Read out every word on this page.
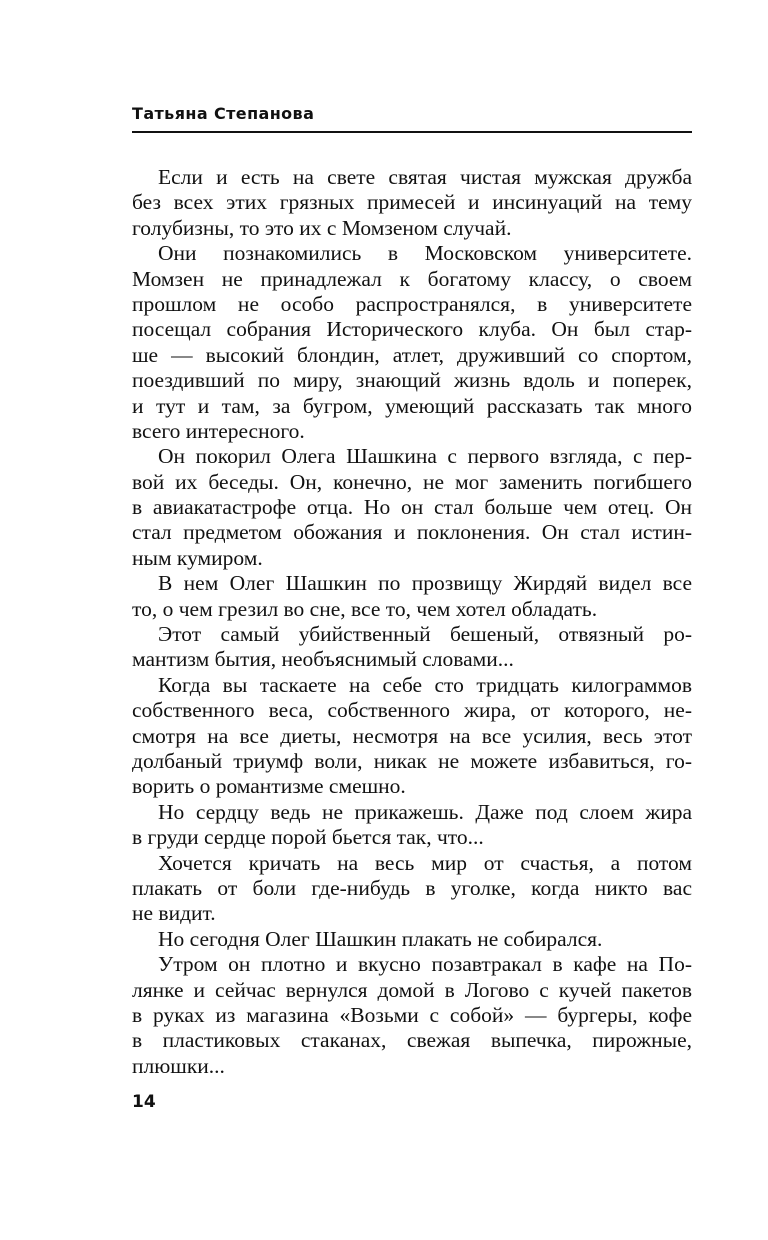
Татьяна Степанова
Если и есть на свете святая чистая мужская дружба
без всех этих грязных примесей и инсинуаций на тему
голубизны, то это их с Момзеном случай.
Они познакомились в Московском университете.
Момзен не принадлежал к богатому классу, о своем
прошлом не особо распространялся, в университете
посещал собрания Исторического клуба. Он был стар-
ше — высокий блондин, атлет, друживший со спортом,
поездивший по миру, знающий жизнь вдоль и поперек,
и тут и там, за бугром, умеющий рассказать так много
всего интересного.
Он покорил Олега Шашкина с первого взгляда, с пер-
вой их беседы. Он, конечно, не мог заменить погибшего
в авиакатастрофе отца. Но он стал больше чем отец. Он
стал предметом обожания и поклонения. Он стал истин-
ным кумиром.
В нем Олег Шашкин по прозвищу Жирдяй видел все
то, о чем грезил во сне, все то, чем хотел обладать.
Этот самый убийственный бешеный, отвязный ро-
мантизм бытия, необъяснимый словами...
Когда вы таскаете на себе сто тридцать килограммов
собственного веса, собственного жира, от которого, не-
смотря на все диеты, несмотря на все усилия, весь этот
долбаный триумф воли, никак не можете избавиться, го-
ворить о романтизме смешно.
Но сердцу ведь не прикажешь. Даже под слоем жира
в груди сердце порой бьется так, что...
Хочется кричать на весь мир от счастья, а потом
плакать от боли где-нибудь в уголке, когда никто вас
не видит.
Но сегодня Олег Шашкин плакать не собирался.
Утром он плотно и вкусно позавтракал в кафе на По-
лянке и сейчас вернулся домой в Логово с кучей пакетов
в руках из магазина «Возьми с собой» — бургеры, кофе
в пластиковых стаканах, свежая выпечка, пирожные,
плюшки...
14
